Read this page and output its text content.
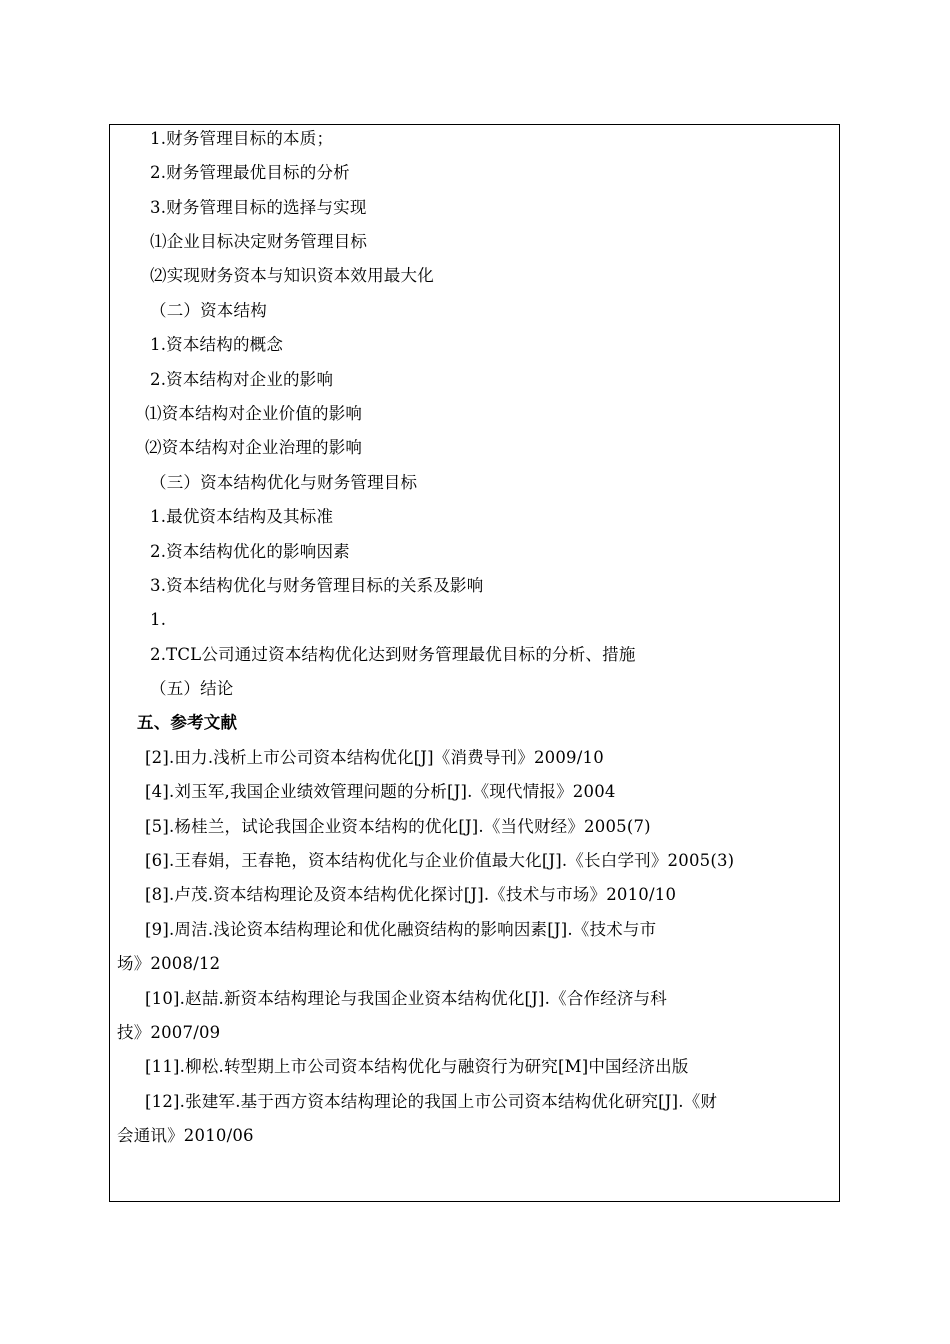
1.财务管理目标的本质；
2.财务管理最优目标的分析
3.财务管理目标的选择与实现
⑴企业目标决定财务管理目标
⑵实现财务资本与知识资本效用最大化
（二）资本结构
1.资本结构的概念
2.资本结构对企业的影响
⑴资本结构对企业价值的影响
⑵资本结构对企业治理的影响
（三）资本结构优化与财务管理目标
1.最优资本结构及其标准
2.资本结构优化的影响因素
3.资本结构优化与财务管理目标的关系及影响
1.
2.TCL公司通过资本结构优化达到财务管理最优目标的分析、措施
（五）结论
五、参考文献
[2].田力.浅析上市公司资本结构优化[J]《消费导刊》2009/10
[4].刘玉军,我国企业绩效管理问题的分析[J].《现代情报》2004
[5].杨桂兰，试论我国企业资本结构的优化[J].《当代财经》2005(7)
[6].王春娟，王春艳，资本结构优化与企业价值最大化[J].《长白学刊》2005(3)
[8].卢茂.资本结构理论及资本结构优化探讨[J].《技术与市场》2010/10
[9].周洁.浅论资本结构理论和优化融资结构的影响因素[J].《技术与市
场》2008/12
[10].赵喆.新资本结构理论与我国企业资本结构优化[J].《合作经济与科
技》2007/09
[11].柳松.转型期上市公司资本结构优化与融资行为研究[M]中国经济出版
[12].张建军.基于西方资本结构理论的我国上市公司资本结构优化研究[J].《财
会通讯》2010/06
